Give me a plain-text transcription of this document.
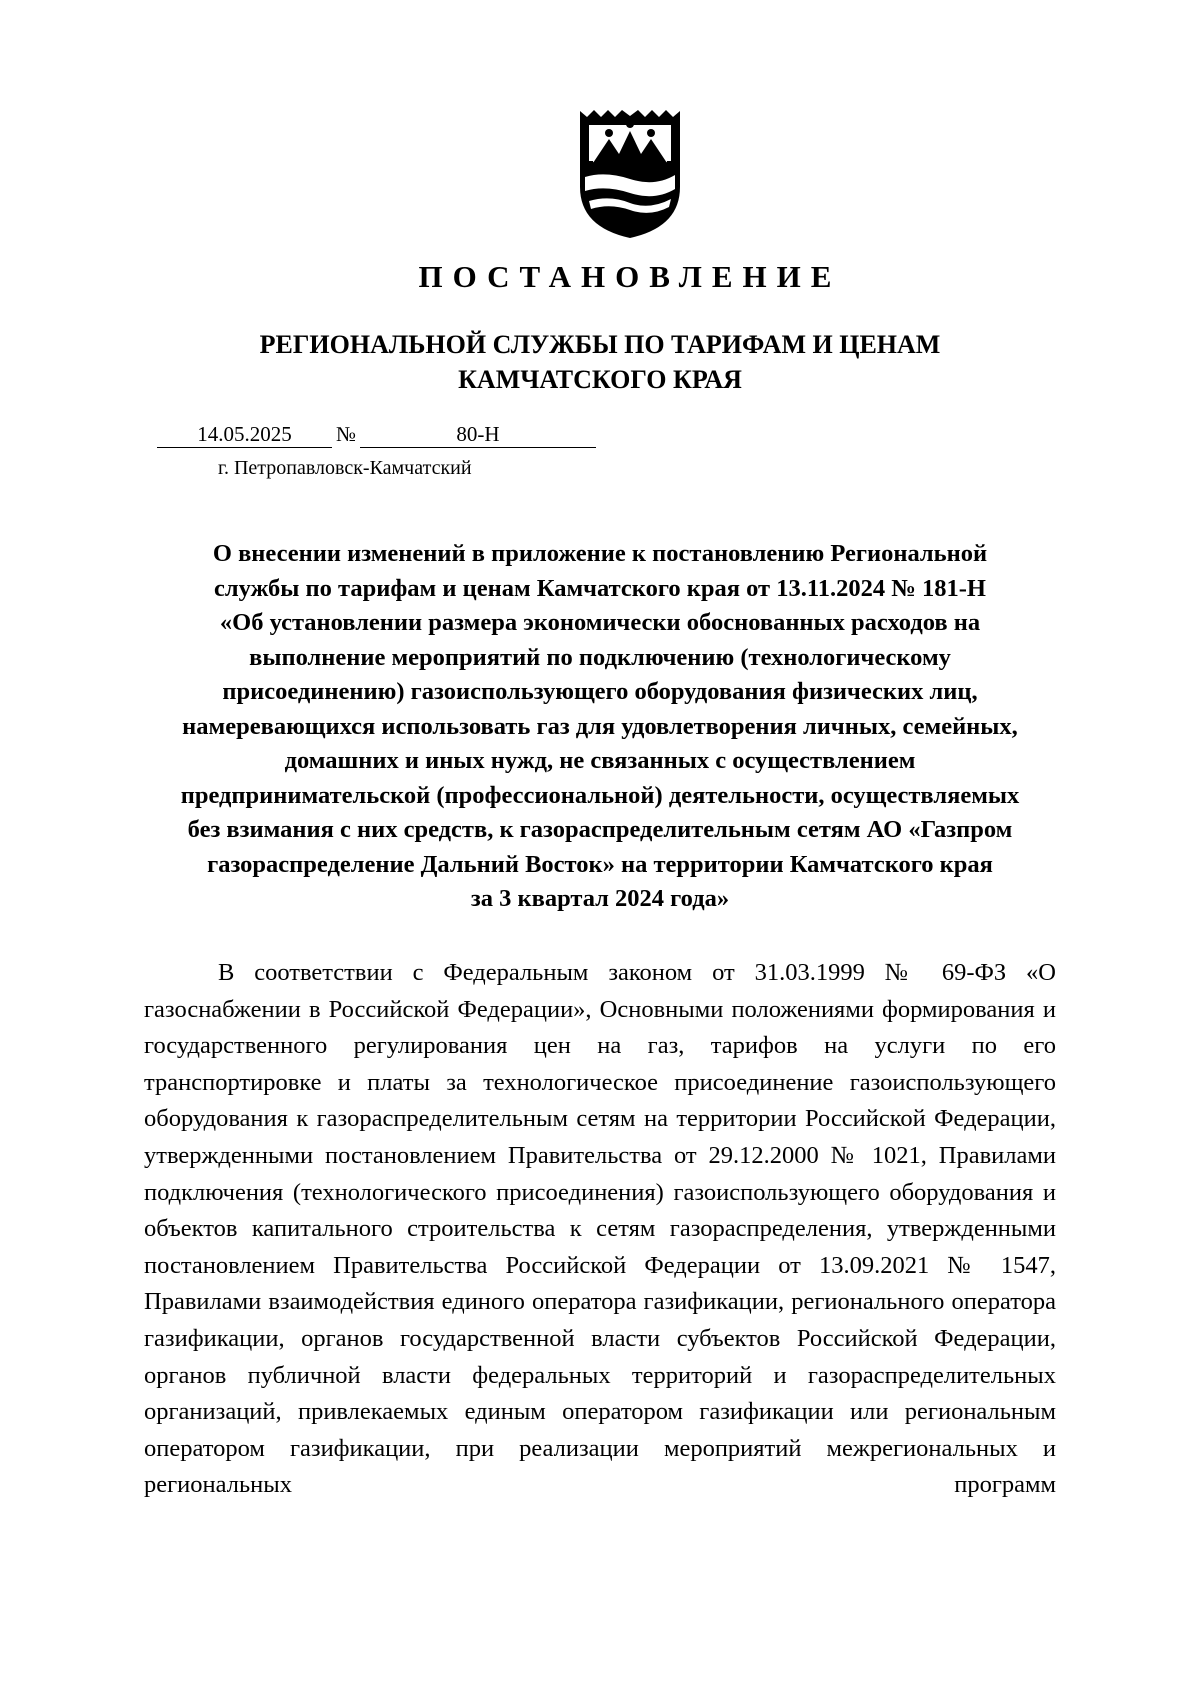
ПОСТАНОВЛЕНИЕ
РЕГИОНАЛЬНОЙ СЛУЖБЫ ПО ТАРИФАМ И ЦЕНАМ
КАМЧАТСКОГО КРАЯ
14.05.2025	№	80-Н
г. Петропавловск-Камчатский
О внесении изменений в приложение к постановлению Региональной
службы по тарифам и ценам Камчатского края от 13.11.2024 № 181-Н
«Об установлении размера экономически обоснованных расходов на
выполнение мероприятий по подключению (технологическому
присоединению) газоиспользующего оборудования физических лиц,
намеревающихся использовать газ для удовлетворения личных, семейных,
домашних и иных нужд, не связанных с осуществлением
предпринимательской (профессиональной) деятельности, осуществляемых
без взимания с них средств, к газораспределительным сетям АО «Газпром
газораспределение Дальний Восток» на территории Камчатского края
за 3 квартал 2024 года»

В соответствии с Федеральным законом от 31.03.1999 № 69-ФЗ «О газоснабжении в Российской Федерации», Основными положениями формирования и государственного регулирования цен на газ, тарифов на услуги по его транспортировке и платы за технологическое присоединение газоиспользующего оборудования к газораспределительным сетям на территории Российской Федерации, утвержденными постановлением Правительства от 29.12.2000 № 1021, Правилами подключения (технологического присоединения) газоиспользующего оборудования и объектов капитального строительства к сетям газораспределения, утвержденными постановлением Правительства Российской Федерации от 13.09.2021 № 1547, Правилами взаимодействия единого оператора газификации, регионального оператора газификации, органов государственной власти субъектов Российской Федерации, органов публичной власти федеральных территорий и газораспределительных организаций, привлекаемых единым оператором газификации или региональным оператором газификации, при реализации мероприятий межрегиональных и региональных программ
